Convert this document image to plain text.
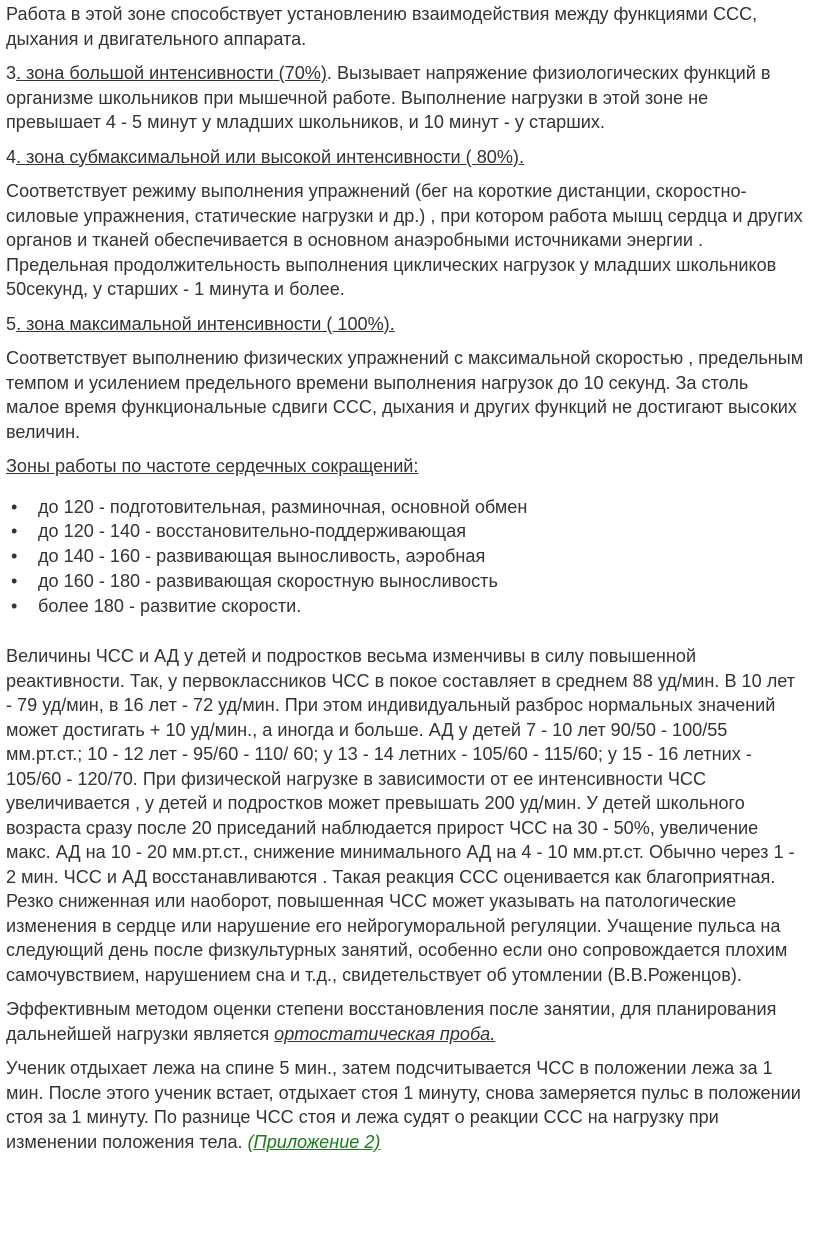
Работа в этой зоне способствует установлению взаимодействия между функциями ССС, дыхания и двигательного аппарата.

3. зона большой интенсивности (70%). Вызывает напряжение физиологических функций в организме школьников при мышечной работе. Выполнение нагрузки в этой зоне не превышает 4 - 5 минут у младших школьников, и 10 минут - у старших.

4. зона субмаксимальной или высокой интенсивности ( 80%).

Соответствует режиму выполнения упражнений (бег на короткие дистанции, скоростно-силовые упражнения, статические нагрузки и др.) , при котором работа мышц сердца и других органов и тканей обеспечивается в основном анаэробными источниками энергии . Предельная продолжительность выполнения циклических нагрузок у младших школьников 50секунд, у старших - 1 минута и более.

5. зона максимальной интенсивности ( 100%).

Соответствует выполнению физических упражнений с максимальной скоростью , предельным темпом и усилением предельного времени выполнения нагрузок до 10 секунд. За столь малое время функциональные сдвиги ССС, дыхания и других функций не достигают высоких величин.

Зоны работы по частоте сердечных сокращений:

• до 120 - подготовительная, разминочная, основной обмен
• до 120 - 140 - восстановительно-поддерживающая
• до 140 - 160 - развивающая выносливость, аэробная
• до 160 - 180 - развивающая скоростную выносливость
• более 180 - развитие скорости.

Величины ЧСС и АД у детей и подростков весьма изменчивы в силу повышенной реактивности. Так, у первоклассников ЧСС в покое составляет в среднем 88 уд/мин. В 10 лет - 79 уд/мин, в 16 лет - 72 уд/мин. При этом индивидуальный разброс нормальных значений может достигать + 10 уд/мин., а иногда и больше. АД у детей 7 - 10 лет 90/50 - 100/55 мм.рт.ст.; 10 - 12 лет - 95/60 - 110/ 60; у 13 - 14 летних - 105/60 - 115/60; у 15 - 16 летних - 105/60 - 120/70. При физической нагрузке в зависимости от ее интенсивности ЧСС увеличивается , у детей и подростков может превышать 200 уд/мин. У детей школьного возраста сразу после 20 приседаний наблюдается прирост ЧСС на 30 - 50%, увеличение макс. АД на 10 - 20 мм.рт.ст., снижение минимального АД на 4 - 10 мм.рт.ст. Обычно через 1 - 2 мин. ЧСС и АД восстанавливаются . Такая реакция ССС оценивается как благоприятная. Резко сниженная или наоборот, повышенная ЧСС может указывать на патологические изменения в сердце или нарушение его нейрогуморальной регуляции. Учащение пульса на следующий день после физкультурных занятий, особенно если оно сопровождается плохим самочувствием, нарушением сна и т.д., свидетельствует об утомлении (В.В.Роженцов).

Эффективным методом оценки степени восстановления после занятии, для планирования дальнейшей нагрузки является ортостатическая проба.

Ученик отдыхает лежа на спине 5 мин., затем подсчитывается ЧСС в положении лежа за 1 мин. После этого ученик встает, отдыхает стоя 1 минуту, снова замеряется пульс в положении стоя за 1 минуту. По разнице ЧСС стоя и лежа судят о реакции ССС на нагрузку при изменении положения тела. (Приложение 2)
